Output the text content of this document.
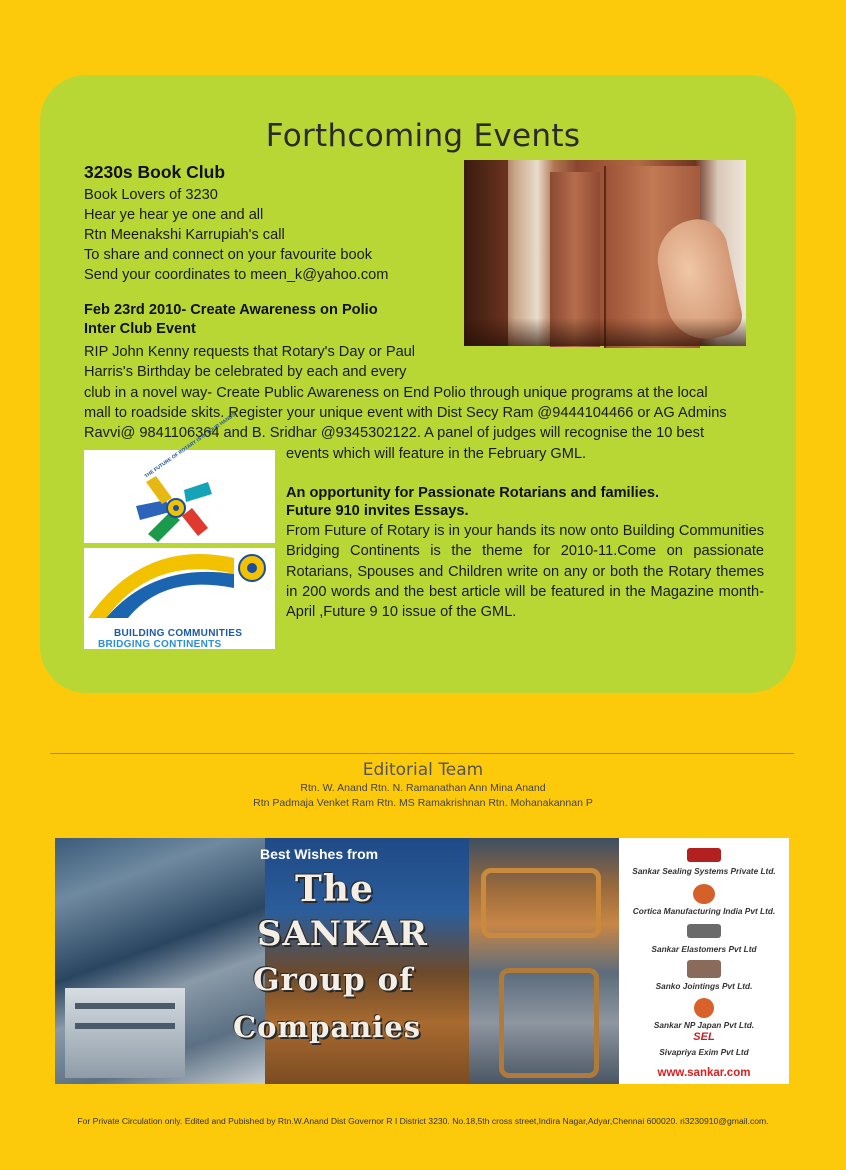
Forthcoming Events
3230s Book Club
Book Lovers of 3230
Hear ye hear ye one and all
Rtn Meenakshi Karrupiah's call
To share and connect on your favourite book
Send your coordinates to meen_k@yahoo.com
Feb 23rd 2010- Create Awareness on Polio
Inter Club Event
RIP John Kenny requests that Rotary's Day or Paul
Harris's Birthday be celebrated by each and every
club in a novel way- Create Public Awareness on End Polio through unique programs at the local
mall to roadside skits. Register your unique event with Dist Secy Ram @9444104466 or AG Admins
Ravvi@ 9841106364 and B. Sridhar @9345302122. A panel of judges will recognise the 10 best
events which will feature in the February GML.
THE FUTURE OF ROTARY IS IN YOUR HANDS
BUILDING COMMUNITIES
BRIDGING CONTINENTS
An opportunity for Passionate Rotarians and families.
Future 910 invites Essays.
From Future of Rotary is in your hands its now onto Building Communities Bridging Continents is the theme for 2010-11.Come on passionate Rotarians, Spouses and Children write on any or both the Rotary themes in 200 words and the best article will be featured in the Magazine month-April ,Future 9 10 issue of the GML.
Editorial Team
Rtn. W. Anand Rtn. N. Ramanathan Ann Mina Anand
Rtn Padmaja Venket Ram Rtn. MS Ramakrishnan Rtn. Mohanakannan P
Best Wishes from
The
SANKAR
Group of
Companies
Sankar Sealing Systems Private Ltd.
Cortica Manufacturing India Pvt Ltd.
Sankar Elastomers Pvt Ltd
Sanko Jointings Pvt Ltd.
Sankar NP Japan Pvt Ltd.
SEL
Sivapriya Exim Pvt Ltd
www.sankar.com
For Private Circulation only. Edited and Pubished by Rtn.W.Anand Dist Governor R I District 3230. No.18,5th cross street,Indira Nagar,Adyar,Chennai 600020. ri3230910@gmail.com.
